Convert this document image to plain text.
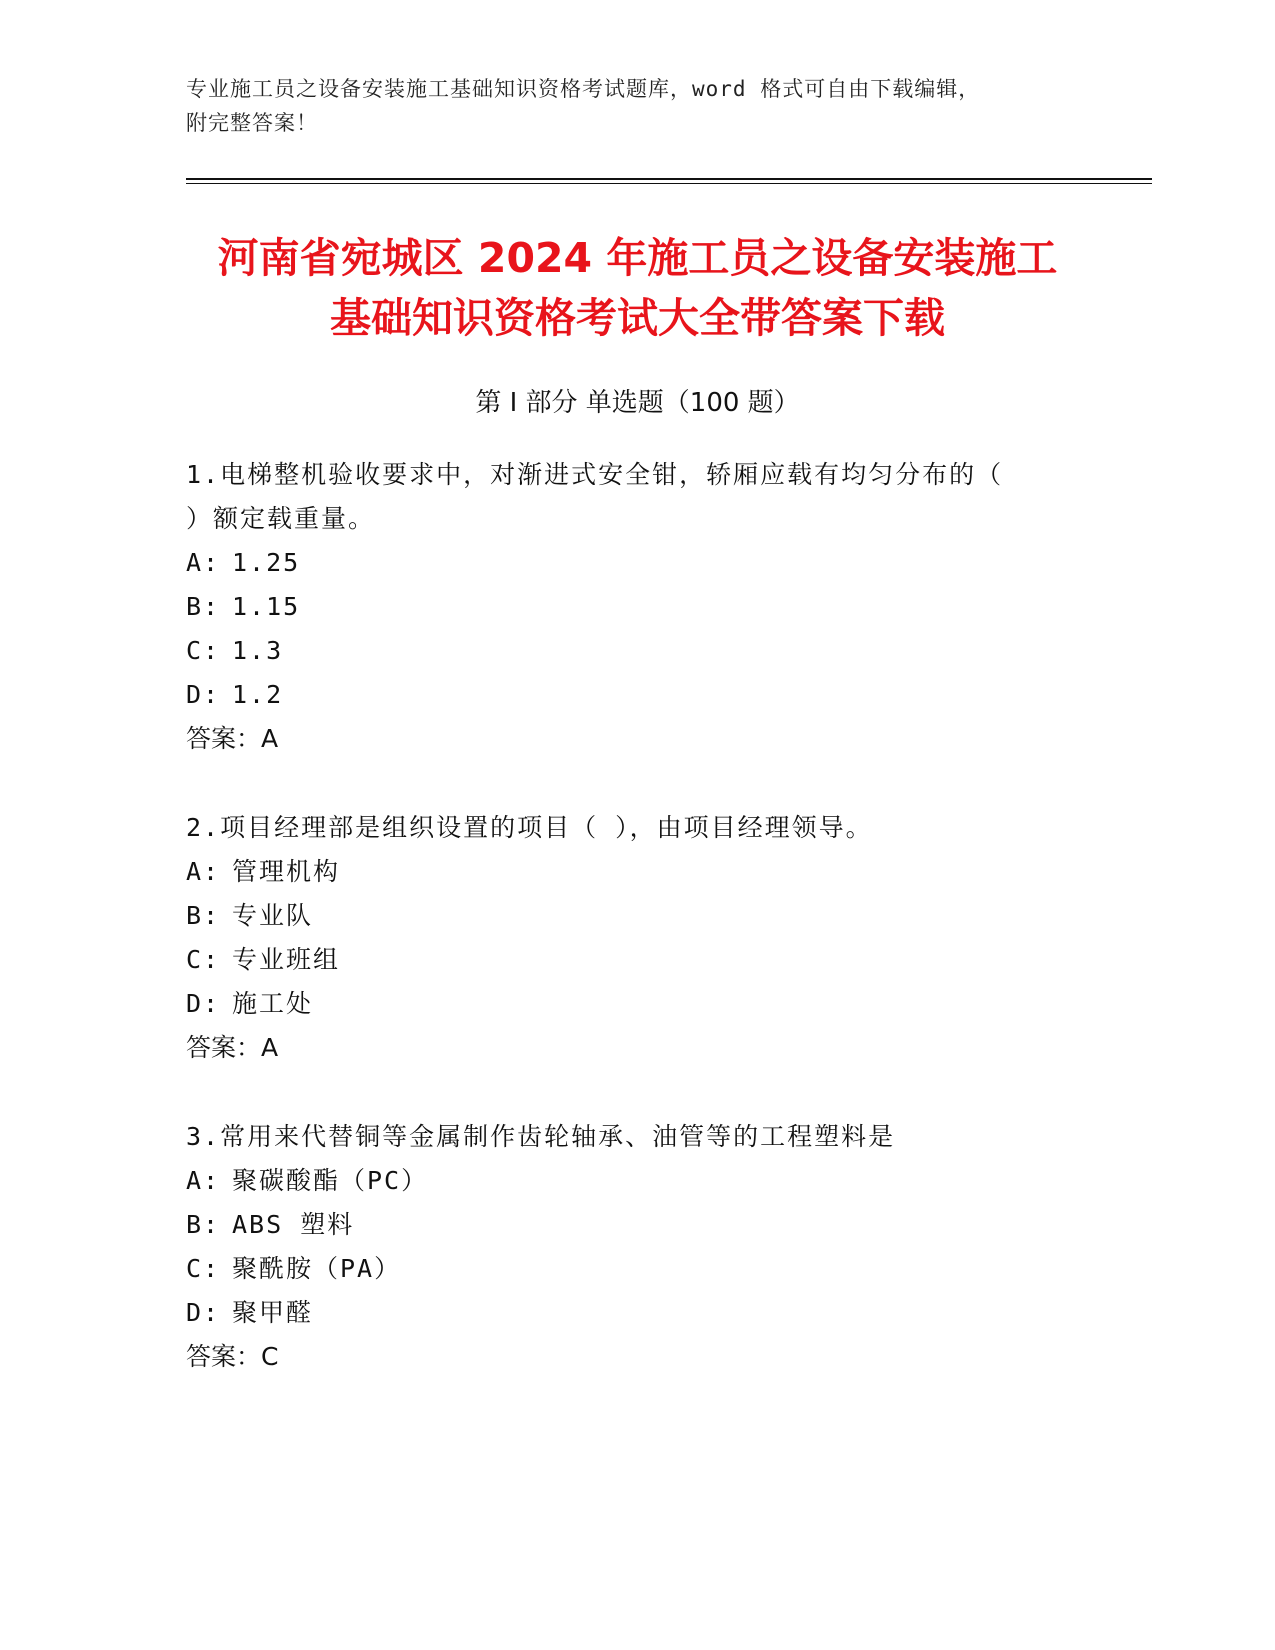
专业施工员之设备安装施工基础知识资格考试题库，word 格式可自由下载编辑，
附完整答案！
河南省宛城区 2024 年施工员之设备安装施工
基础知识资格考试大全带答案下载
第 I 部分 单选题（100 题）

1.电梯整机验收要求中，对渐进式安全钳，轿厢应载有均匀分布的（

）额定载重量。

A: 1.25

B: 1.15

C: 1.3

D: 1.2

答案：A

2.项目经理部是组织设置的项目（ ），由项目经理领导。

A: 管理机构

B: 专业队

C: 专业班组

D: 施工处

答案：A

3.常用来代替铜等金属制作齿轮轴承、油管等的工程塑料是

A: 聚碳酸酯（PC）

B: ABS 塑料

C: 聚酰胺（PA）

D: 聚甲醛

答案：C
